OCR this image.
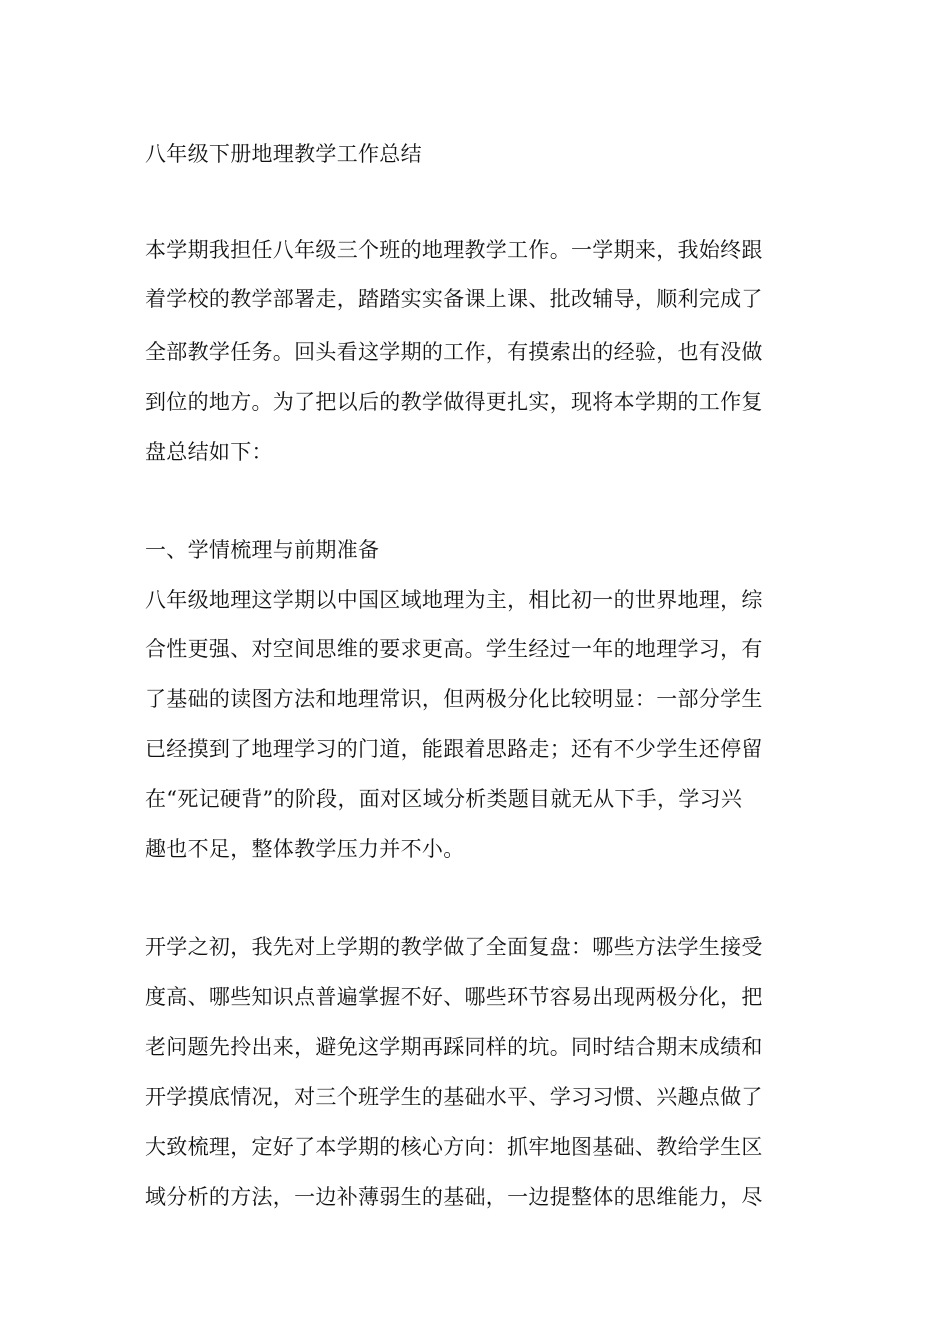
八年级下册地理教学工作总结
本学期我担任八年级三个班的地理教学工作。一学期来，我始终跟
着学校的教学部署走，踏踏实实备课上课、批改辅导，顺利完成了
全部教学任务。回头看这学期的工作，有摸索出的经验，也有没做
到位的地方。为了把以后的教学做得更扎实，现将本学期的工作复
盘总结如下：
一、学情梳理与前期准备
八年级地理这学期以中国区域地理为主，相比初一的世界地理，综
合性更强、对空间思维的要求更高。学生经过一年的地理学习，有
了基础的读图方法和地理常识，但两极分化比较明显：一部分学生
已经摸到了地理学习的门道，能跟着思路走；还有不少学生还停留
在“死记硬背”的阶段，面对区域分析类题目就无从下手，学习兴
趣也不足，整体教学压力并不小。
开学之初，我先对上学期的教学做了全面复盘：哪些方法学生接受
度高、哪些知识点普遍掌握不好、哪些环节容易出现两极分化，把
老问题先拎出来，避免这学期再踩同样的坑。同时结合期末成绩和
开学摸底情况，对三个班学生的基础水平、学习习惯、兴趣点做了
大致梳理，定好了本学期的核心方向：抓牢地图基础、教给学生区
域分析的方法，一边补薄弱生的基础，一边提整体的思维能力，尽
